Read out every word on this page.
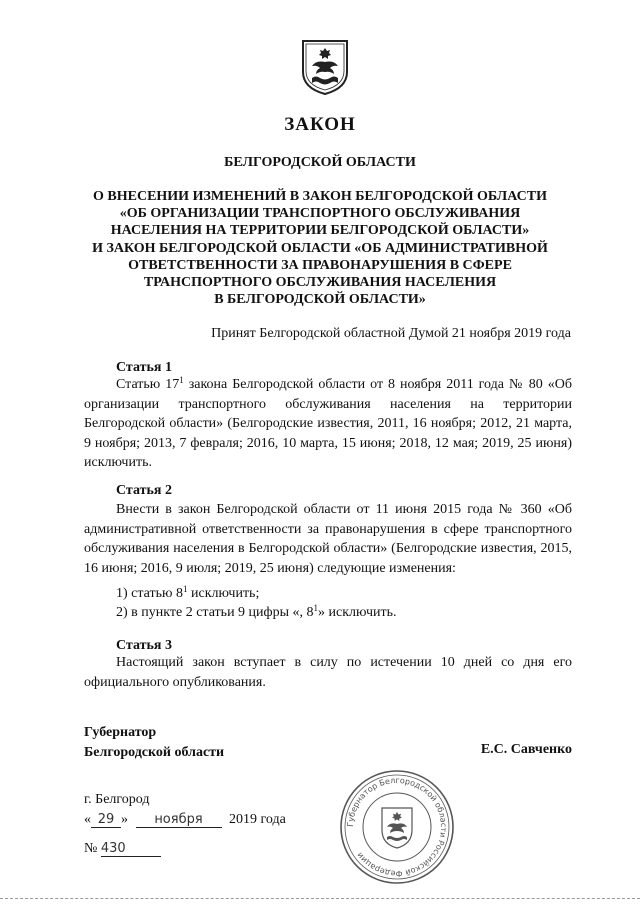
ЗАКОН
БЕЛГОРОДСКОЙ ОБЛАСТИ
О ВНЕСЕНИИ ИЗМЕНЕНИЙ В ЗАКОН БЕЛГОРОДСКОЙ ОБЛАСТИ
«ОБ ОРГАНИЗАЦИИ ТРАНСПОРТНОГО ОБСЛУЖИВАНИЯ
НАСЕЛЕНИЯ НА ТЕРРИТОРИИ БЕЛГОРОДСКОЙ ОБЛАСТИ»
И ЗАКОН БЕЛГОРОДСКОЙ ОБЛАСТИ «ОБ АДМИНИСТРАТИВНОЙ
ОТВЕТСТВЕННОСТИ ЗА ПРАВОНАРУШЕНИЯ В СФЕРЕ
ТРАНСПОРТНОГО ОБСЛУЖИВАНИЯ НАСЕЛЕНИЯ
В БЕЛГОРОДСКОЙ ОБЛАСТИ»
Принят Белгородской областной Думой 21 ноября 2019 года
Статья 1
Статью $17^1$ закона Белгородской области от 8 ноября 2011 года № 80 «Об организации транспортного обслуживания населения на территории Белгородской области» (Белгородские известия, 2011, 16 ноября; 2012, 21 марта, 9 ноября; 2013, 7 февраля; 2016, 10 марта, 15 июня; 2018, 12 мая; 2019, 25 июня) исключить.
Статья 2
Внести в закон Белгородской области от 11 июня 2015 года № 360 «Об административной ответственности за правонарушения в сфере транспортного обслуживания населения в Белгородской области» (Белгородские известия, 2015, 16 июня; 2016, 9 июля; 2019, 25 июня) следующие изменения:
1) статью $8^1$ исключить;
2) в пункте 2 статьи 9 цифры «, $8^1$» исключить.
Статья 3
Настоящий закон вступает в силу по истечении 10 дней со дня его официального опубликования.
Губернатор
Белгородской области	Е.С. Савченко
г. Белгород
« 29 » ноября 2019 года
№ 430
Губернатор Белгородской области Российской Федерации
